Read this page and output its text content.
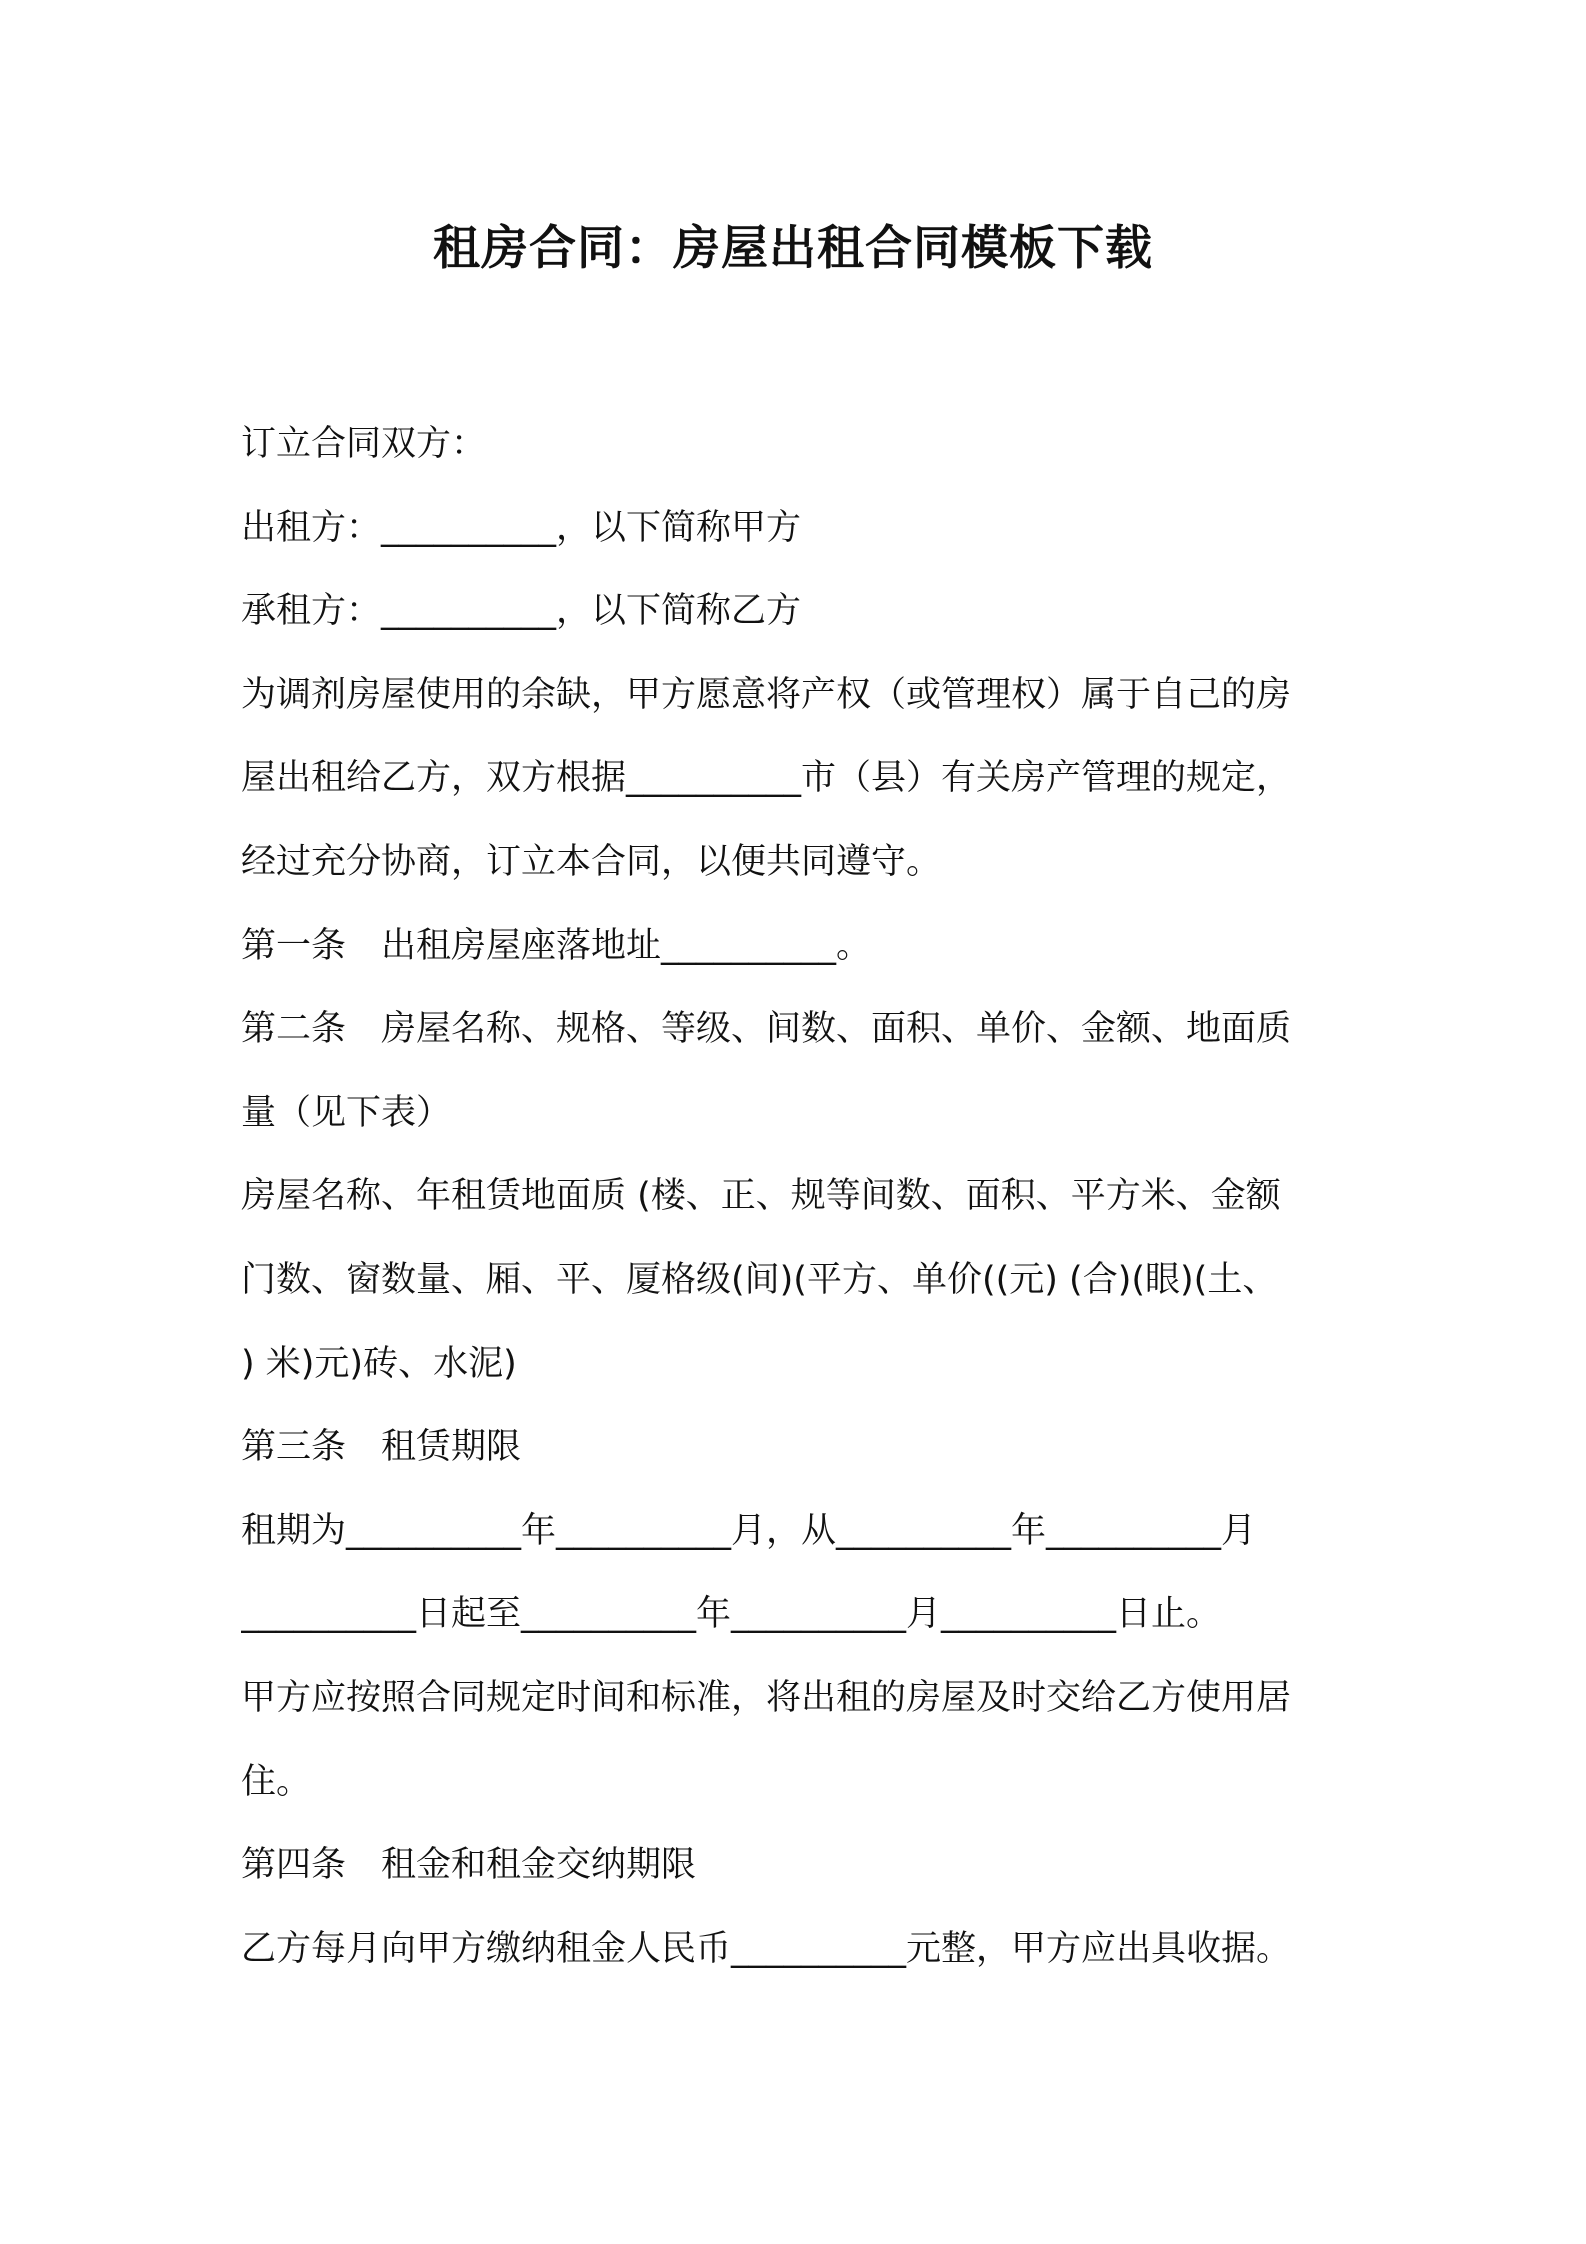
租房合同：房屋出租合同模板下载
订立合同双方：
出租方：__________，以下简称甲方
承租方：__________，以下简称乙方
为调剂房屋使用的余缺，甲方愿意将产权（或管理权）属于自己的房
屋出租给乙方，双方根据__________市（县）有关房产管理的规定，
经过充分协商，订立本合同，以便共同遵守。
第一条　出租房屋座落地址__________。
第二条　房屋名称、规格、等级、间数、面积、单价、金额、地面质
量（见下表）
房屋名称、年租赁地面质 (楼、正、规等间数、面积、平方米、金额
门数、窗数量、厢、平、厦格级(间)(平方、单价((元) (合)(眼)(土、
) 米)元)砖、水泥)
第三条　租赁期限
租期为__________年__________月，从__________年__________月
__________日起至__________年__________月__________日止。
甲方应按照合同规定时间和标准，将出租的房屋及时交给乙方使用居
住。
第四条　租金和租金交纳期限
乙方每月向甲方缴纳租金人民币__________元整，甲方应出具收据。
